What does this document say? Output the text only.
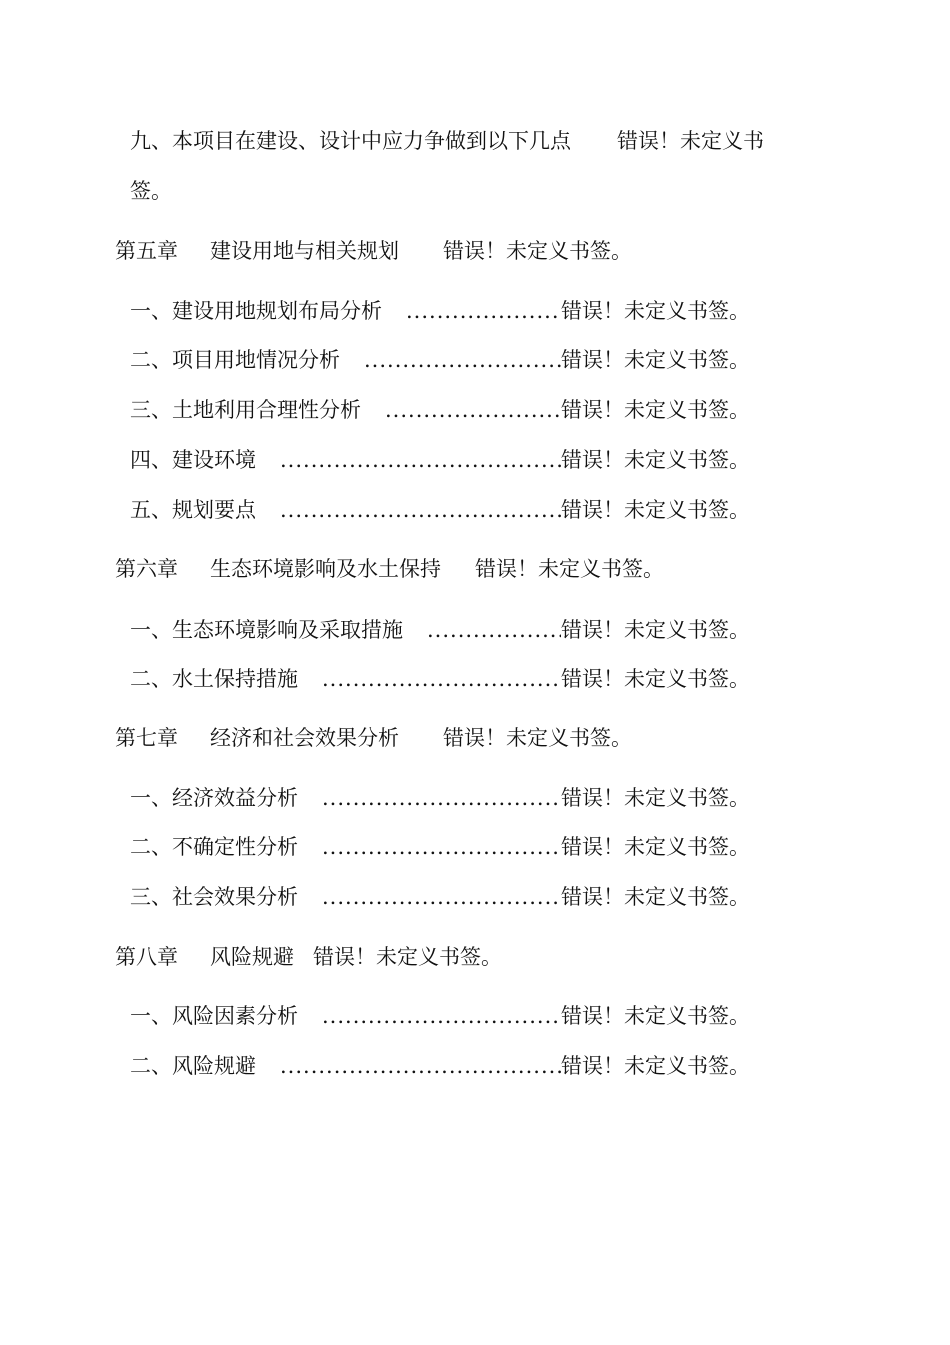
九、本项目在建设、设计中应力争做到以下几点 错误！未定义书
签。
第五章 建设用地与相关规划 错误！未定义书签。
一、建设用地规划布局分析 .....	错误！未定义书签。
二、项目用地情况分析 .....	错误！未定义书签。
三、土地利用合理性分析 .....	错误！未定义书签。
四、建设环境 .....	错误！未定义书签。
五、规划要点 .....	错误！未定义书签。
第六章 生态环境影响及水土保持 错误！未定义书签。
一、生态环境影响及采取措施 .....	错误！未定义书签。
二、水土保持措施 .....	错误！未定义书签。
第七章 经济和社会效果分析 错误！未定义书签。
一、经济效益分析 .....	错误！未定义书签。
二、不确定性分析 .....	错误！未定义书签。
三、社会效果分析 .....	错误！未定义书签。
第八章 风险规避 错误！未定义书签。
一、风险因素分析 .....	错误！未定义书签。
二、风险规避 .....	错误！未定义书签。
